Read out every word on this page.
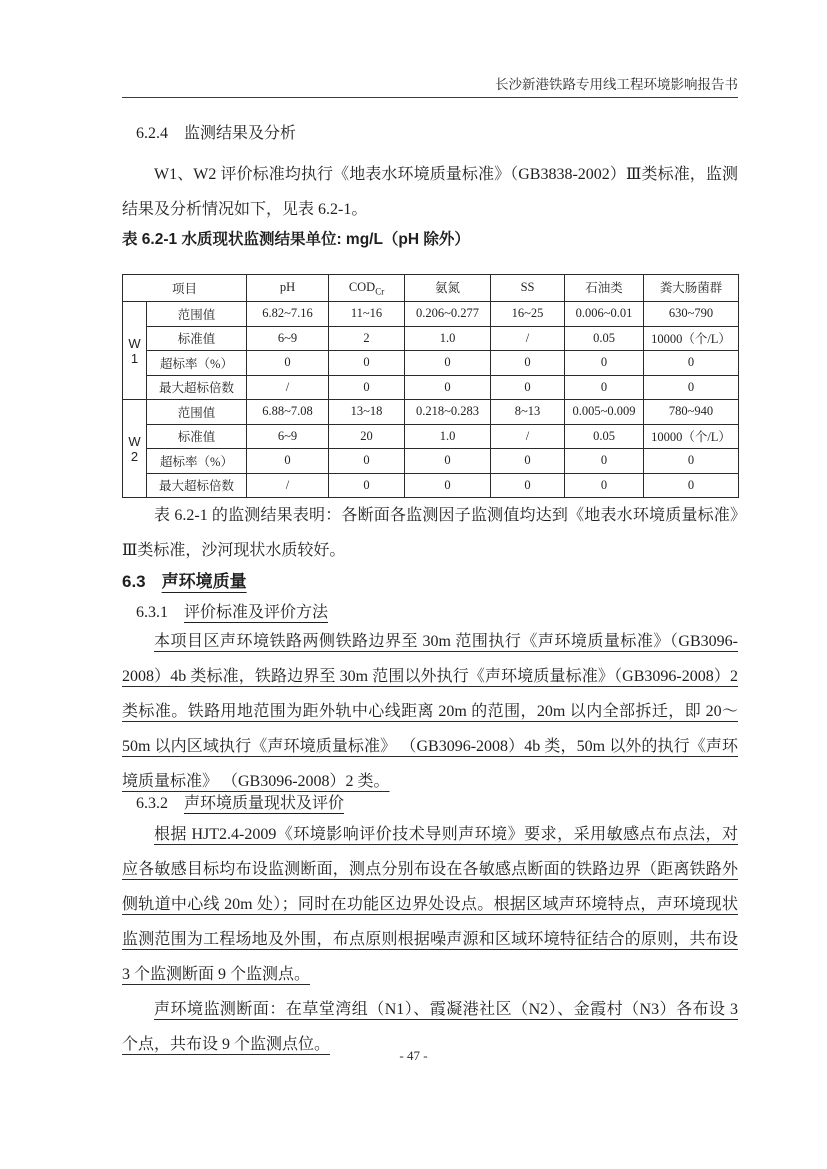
长沙新港铁路专用线工程环境影响报告书
6.2.4 监测结果及分析

W1、W2 评价标准均执行《地表水环境质量标准》（GB3838-2002）Ⅲ类标准，监测结果及分析情况如下，见表 6.2-1。

表 6.2-1 水质现状监测结果单位: mg/L（pH 除外）

项目		pH	$COD_{Cr}$	氨氮	SS	石油类	粪大肠菌群
W
1	范围值	6.82~7.16	11~16	0.206~0.277	16~25	0.006~0.01	630~790
	标准值	6~9	2	1.0	/	0.05	10000（个/L）
	超标率（%）	0	0	0	0	0	0
	最大超标倍数	/	0	0	0	0	0
W
2	范围值	6.88~7.08	13~18	0.218~0.283	8~13	0.005~0.009	780~940
	标准值	6~9	20	1.0	/	0.05	10000（个/L）
	超标率（%）	0	0	0	0	0	0
	最大超标倍数	/	0	0	0	0	0

表 6.2-1 的监测结果表明：各断面各监测因子监测值均达到《地表水环境质量标准》Ⅲ类标准，沙河现状水质较好。

6.3 声环境质量
6.3.1 评价标准及评价方法

本项目区声环境铁路两侧铁路边界至 30m 范围执行《声环境质量标准》（GB3096-2008）4b 类标准，铁路边界至 30m 范围以外执行《声环境质量标准》（GB3096-2008）2 类标准。铁路用地范围为距外轨中心线距离 20m 的范围，20m 以内全部拆迁，即 20～50m 以内区域执行《声环境质量标准》 （GB3096-2008）4b 类，50m 以外的执行《声环境质量标准》 （GB3096-2008）2 类。

6.3.2 声环境质量现状及评价

根据 HJT2.4-2009《环境影响评价技术导则声环境》要求，采用敏感点布点法，对应各敏感目标均布设监测断面，测点分别布设在各敏感点断面的铁路边界（距离铁路外侧轨道中心线 20m 处）；同时在功能区边界处设点。根据区域声环境特点，声环境现状监测范围为工程场地及外围，布点原则根据噪声源和区域环境特征结合的原则，共布设 3 个监测断面 9 个监测点。

声环境监测断面：在草堂湾组（N1）、霞凝港社区（N2）、金霞村（N3）各布设 3 个点，共布设 9 个监测点位。

- 47 -
